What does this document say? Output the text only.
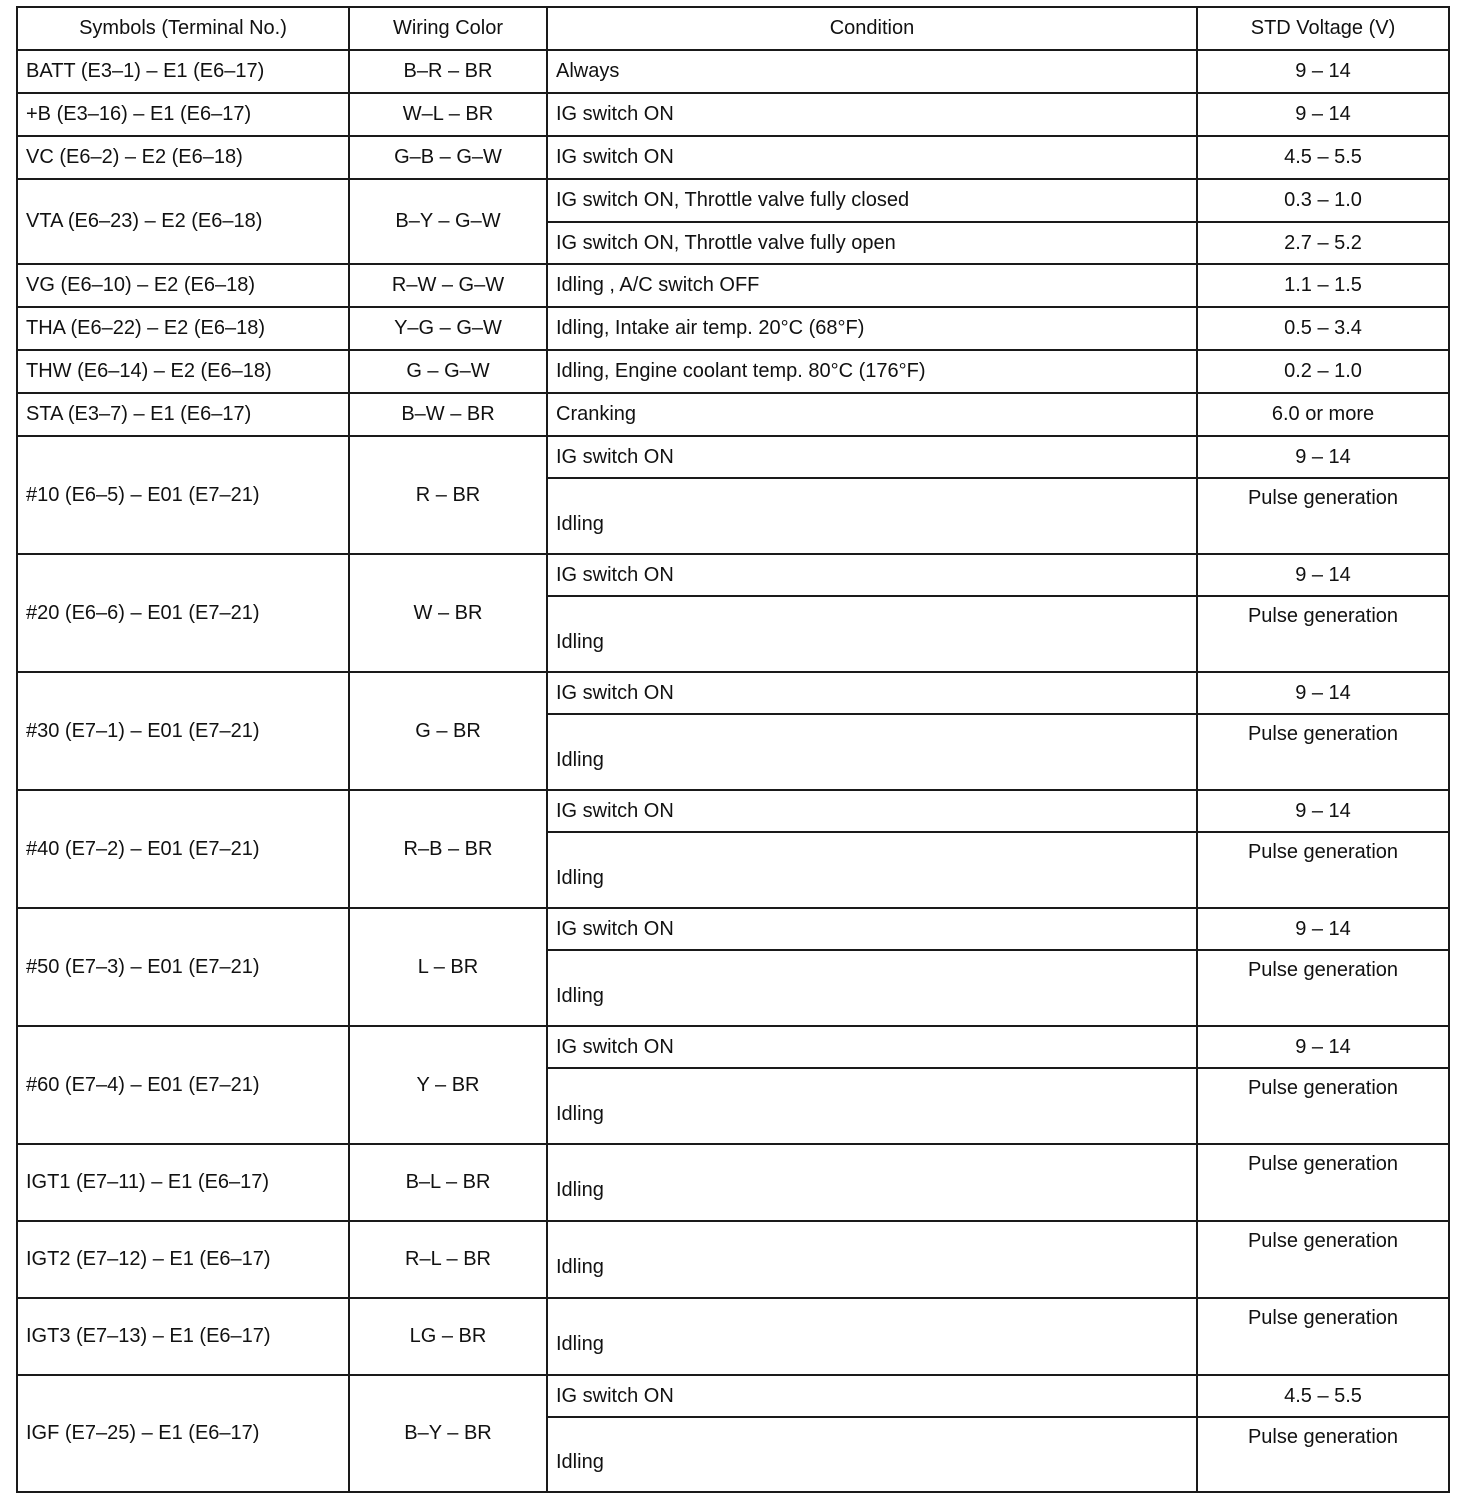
Symbols (Terminal No.)	Wiring Color	Condition	STD Voltage (V)
BATT (E3–1) – E1 (E6–17)	B–R – BR	Always	9 – 14
+B (E3–16) – E1 (E6–17)	W–L – BR	IG switch ON	9 – 14
VC (E6–2) – E2 (E6–18)	G–B – G–W	IG switch ON	4.5 – 5.5
VTA (E6–23) – E2 (E6–18)	B–Y – G–W	IG switch ON, Throttle valve fully closed	0.3 – 1.0
		IG switch ON, Throttle valve fully open	2.7 – 5.2
VG (E6–10) – E2 (E6–18)	R–W – G–W	Idling , A/C switch OFF	1.1 – 1.5
THA (E6–22) – E2 (E6–18)	Y–G – G–W	Idling, Intake air temp. 20°C (68°F)	0.5 – 3.4
THW (E6–14) – E2 (E6–18)	G – G–W	Idling, Engine coolant temp. 80°C (176°F)	0.2 – 1.0
STA (E3–7) – E1 (E6–17)	B–W – BR	Cranking	6.0 or more
#10 (E6–5) – E01 (E7–21)	R – BR	IG switch ON	9 – 14
		Idling	Pulse generation
#20 (E6–6) – E01 (E7–21)	W – BR	IG switch ON	9 – 14
		Idling	Pulse generation
#30 (E7–1) – E01 (E7–21)	G – BR	IG switch ON	9 – 14
		Idling	Pulse generation
#40 (E7–2) – E01 (E7–21)	R–B – BR	IG switch ON	9 – 14
		Idling	Pulse generation
#50 (E7–3) – E01 (E7–21)	L – BR	IG switch ON	9 – 14
		Idling	Pulse generation
#60 (E7–4) – E01 (E7–21)	Y – BR	IG switch ON	9 – 14
		Idling	Pulse generation
IGT1 (E7–11) – E1 (E6–17)	B–L – BR	Idling	Pulse generation
IGT2 (E7–12) – E1 (E6–17)	R–L – BR	Idling	Pulse generation
IGT3 (E7–13) – E1 (E6–17)	LG – BR	Idling	Pulse generation
IGF (E7–25) – E1 (E6–17)	B–Y – BR	IG switch ON	4.5 – 5.5
		Idling	Pulse generation
